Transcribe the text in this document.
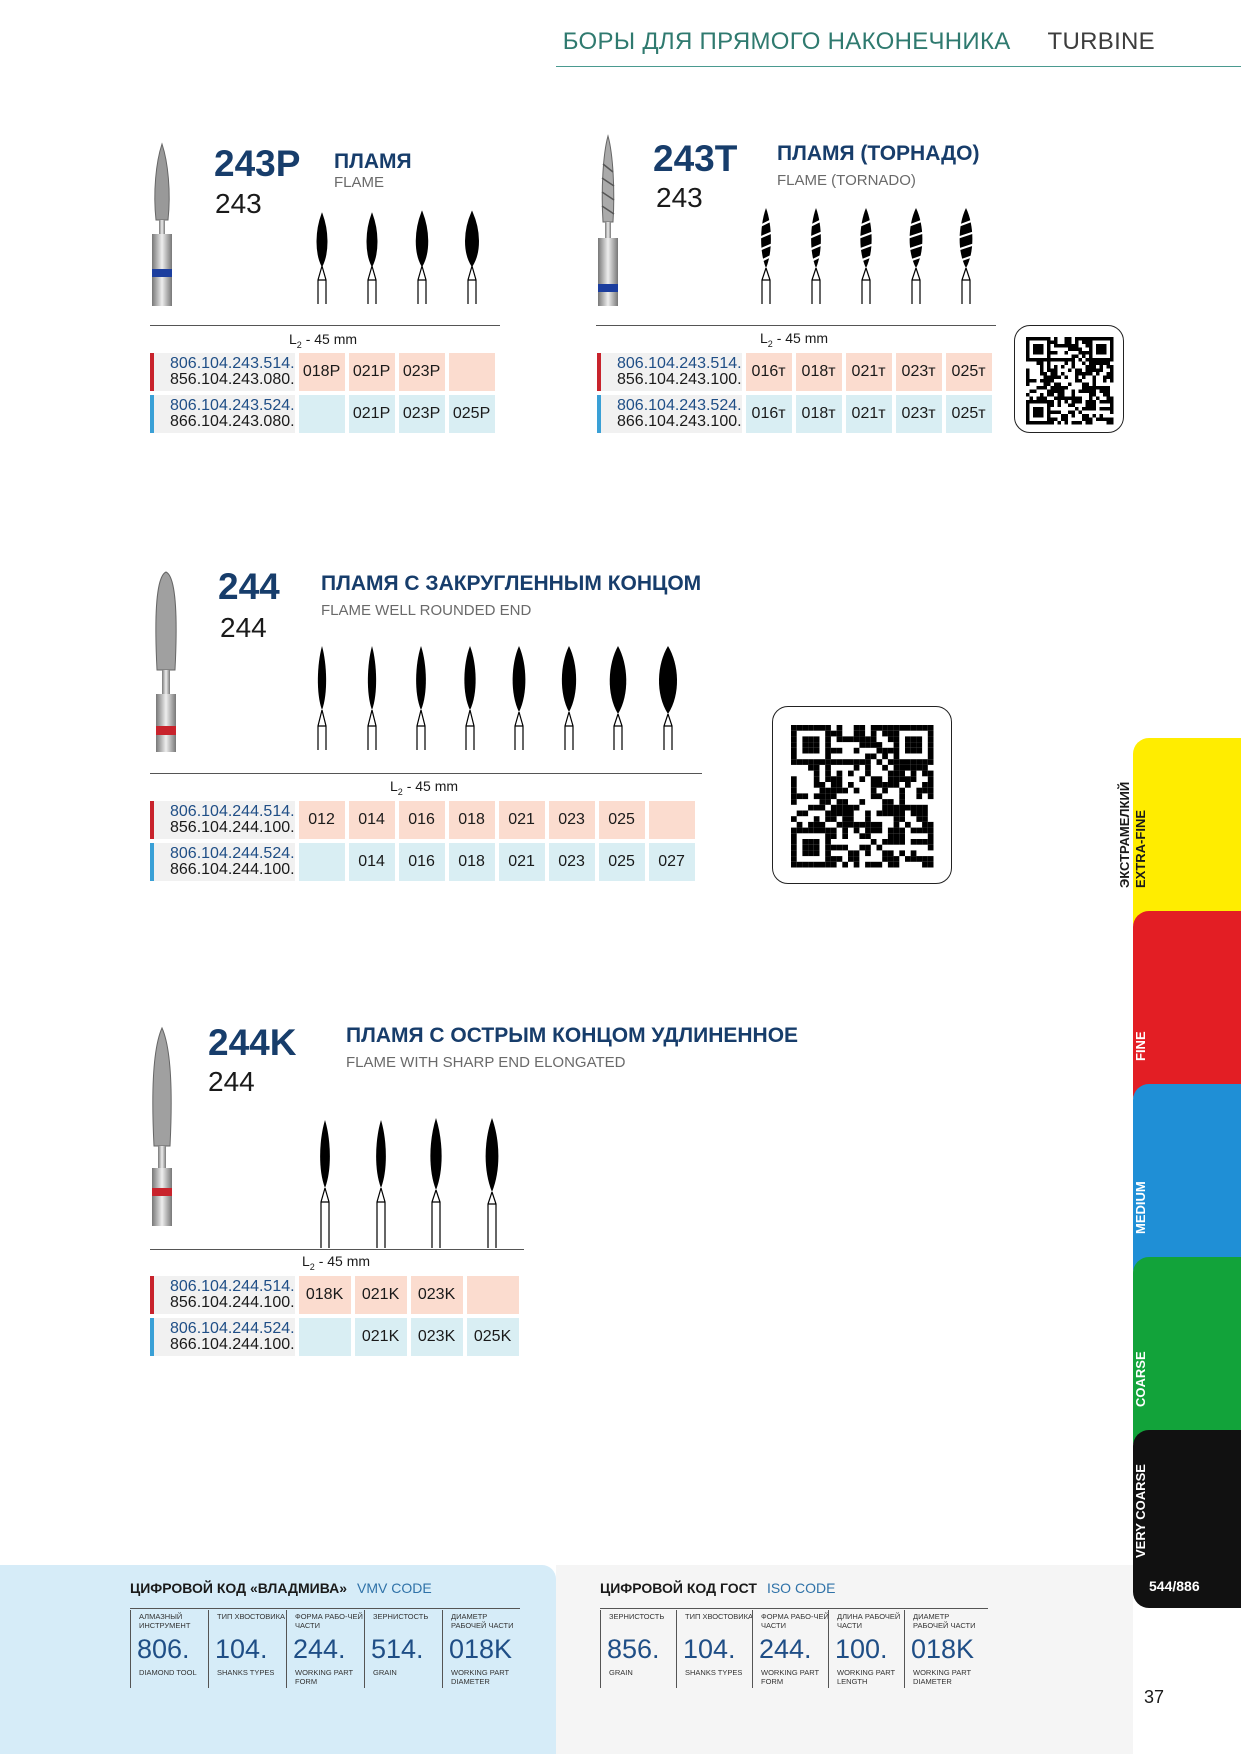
БОРЫ ДЛЯ ПРЯМОГО НАКОНЕЧНИКА TURBINE
243P
243
ПЛАМЯ
FLAME
$L_2 - 45$ mm
806.104.243.514.
856.104.243.080.	018P	021P	023P	

806.104.243.524.
866.104.243.080.		021P	023P	025P
243T
243
ПЛАМЯ (ТОРНАДО)
FLAME (TORNADO)
$L_2 - 45$ mm
806.104.243.514.
856.104.243.100.	016т	018т	021т	023т	025т

806.104.243.524.
866.104.243.100.	016т	018т	021т	023т	025т
244
244
ПЛАМЯ С ЗАКРУГЛЕННЫМ КОНЦОМ
FLAME WELL ROUNDED END
$L_2 - 45$ mm
806.104.244.514.
856.104.244.100.	012	014	016	018	021	023	025	

806.104.244.524.
866.104.244.100.		014	016	018	021	023	025	027
244K
244
ПЛАМЯ С ОСТРЫМ КОНЦОМ УДЛИНЕННОЕ
FLAME WITH SHARP END ELONGATED
$L_2 - 45$ mm
806.104.244.514.
856.104.244.100.	018K	021K	023K	

806.104.244.524.
866.104.244.100.		021K	023K	025K
ЭКСТРАМЕЛКИЙ
EXTRA-FINE
МЕЛКИЙ
FINE
СРЕДНИЙ
MEDIUM
ГРУБЫЙ
COARSE
ОЧЕНЬ ГРУБЫЙ
VERY COARSE
544/886
ЦИФРОВОЙ КОД «ВЛАДМИВА» VMV CODE
АЛМАЗНЫЙ ИНСТРУМЕНТ
806.
DIAMOND TOOL
ТИП ХВОСТОВИКА
104.
SHANKS TYPES
ФОРМА РАБО-ЧЕЙ ЧАСТИ
244.
WORKING PART FORM
ЗЕРНИСТОСТЬ
514.
GRAIN
ДИАМЕТР РАБОЧЕЙ ЧАСТИ
018K
WORKING PART DIAMETER
ЦИФРОВОЙ КОД ГОСТ ISO CODE
ЗЕРНИСТОСТЬ
856.
GRAIN
ТИП ХВОСТОВИКА
104.
SHANKS TYPES
ФОРМА РАБО-ЧЕЙ ЧАСТИ
244.
WORKING PART FORM
ДЛИНА РАБОЧЕЙ ЧАСТИ
100.
WORKING PART LENGTH
ДИАМЕТР РАБОЧЕЙ ЧАСТИ
018K
WORKING PART DIAMETER
37
